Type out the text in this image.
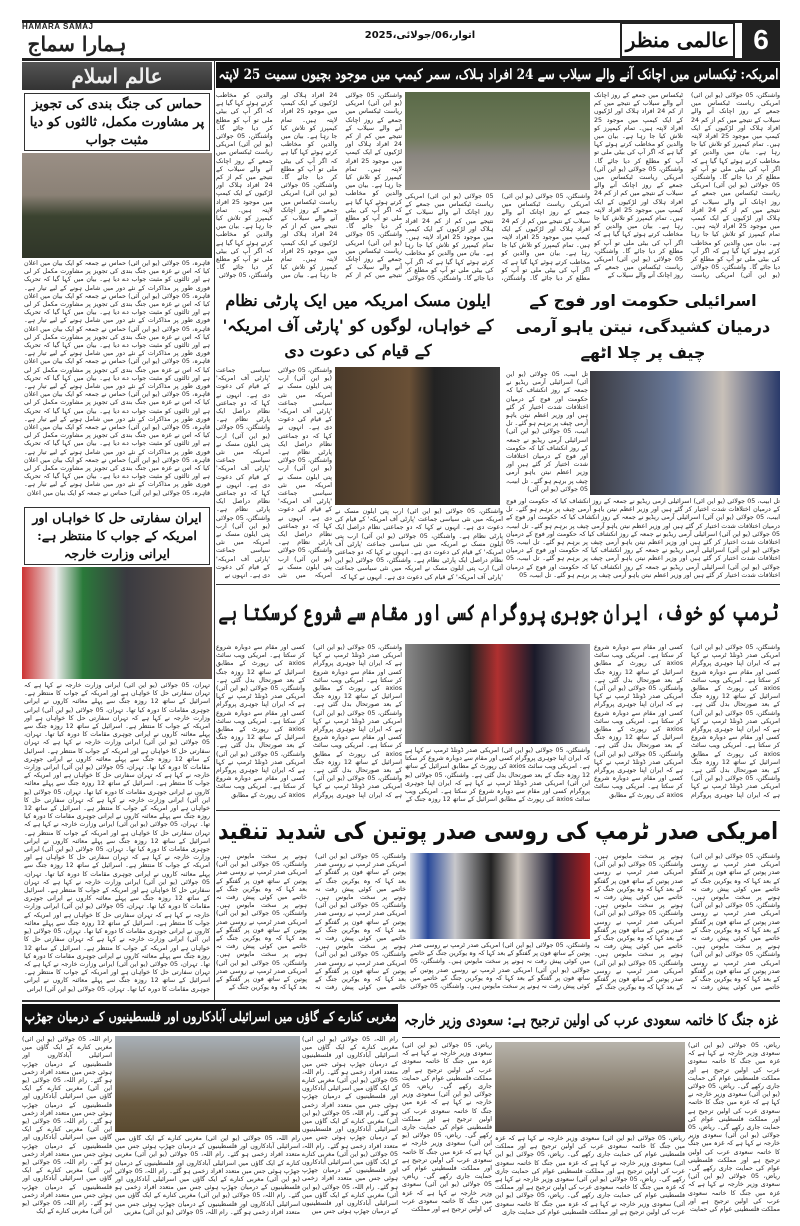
HAMARA SAMAJ
ہمارا سماج	اتوار،06/جولائی،2025	عالمی منظر 6
عالم اسلام
حماس کی جنگ بندی کی تجویز پر مشاورت مکمل، ثالثوں کو دیا مثبت جواب
قاہرہ، 05 جولائی (یو این آئی) حماس نے جمعہ کو ایک بیان میں اعلان کیا کہ اس نے غزہ میں جنگ بندی کی تجویز پر مشاورت مکمل کر لی ہے اور ثالثوں کو مثبت جواب دے دیا ہے۔ بیان میں کہا گیا کہ تحریک فوری طور پر مذاکرات کے نئے دور میں شامل ہونے کے لیے تیار ہے۔ قاہرہ، 05 جولائی (یو این آئی) حماس نے جمعہ کو ایک بیان میں اعلان کیا کہ اس نے غزہ میں جنگ بندی کی تجویز پر مشاورت مکمل کر لی ہے اور ثالثوں کو مثبت جواب دے دیا ہے۔ بیان میں کہا گیا کہ تحریک فوری طور پر مذاکرات کے نئے دور میں شامل ہونے کے لیے تیار ہے۔ قاہرہ، 05 جولائی (یو این آئی) حماس نے جمعہ کو ایک بیان میں اعلان کیا کہ اس نے غزہ میں جنگ بندی کی تجویز پر مشاورت مکمل کر لی ہے اور ثالثوں کو مثبت جواب دے دیا ہے۔ بیان میں کہا گیا کہ تحریک فوری طور پر مذاکرات کے نئے دور میں شامل ہونے کے لیے تیار ہے۔ قاہرہ، 05 جولائی (یو این آئی) حماس نے جمعہ کو ایک بیان میں اعلان کیا کہ اس نے غزہ میں جنگ بندی کی تجویز پر مشاورت مکمل کر لی ہے اور ثالثوں کو مثبت جواب دے دیا ہے۔ بیان میں کہا گیا کہ تحریک فوری طور پر مذاکرات کے نئے دور میں شامل ہونے کے لیے تیار ہے۔ قاہرہ، 05 جولائی (یو این آئی) حماس نے جمعہ کو ایک بیان میں اعلان کیا کہ اس نے غزہ میں جنگ بندی کی تجویز پر مشاورت مکمل کر لی ہے اور ثالثوں کو مثبت جواب دے دیا ہے۔ بیان میں کہا گیا کہ تحریک فوری طور پر مذاکرات کے نئے دور میں شامل ہونے کے لیے تیار ہے۔ قاہرہ، 05 جولائی (یو این آئی) حماس نے جمعہ کو ایک بیان میں اعلان کیا کہ اس نے غزہ میں جنگ بندی کی تجویز پر مشاورت مکمل کر لی ہے اور ثالثوں کو مثبت جواب دے دیا ہے۔ بیان میں کہا گیا کہ تحریک فوری طور پر مذاکرات کے نئے دور میں شامل ہونے کے لیے تیار ہے۔ قاہرہ، 05 جولائی (یو این آئی) حماس نے جمعہ کو ایک بیان میں اعلان کیا کہ اس نے غزہ میں جنگ بندی کی تجویز پر مشاورت مکمل کر لی ہے اور ثالثوں کو مثبت جواب دے دیا ہے۔ بیان میں کہا گیا کہ تحریک فوری طور پر مذاکرات کے نئے دور میں شامل ہونے کے لیے تیار ہے۔ قاہرہ، 05 جولائی (یو این آئی) حماس نے جمعہ کو ایک بیان میں اعلان
ایران سفارتی حل کا خواہاں اور امریکہ کے جواب کا منتظر ہے: ایرانی وزارت خارجہ
تہران، 05 جولائی (یو این آئی) ایرانی وزارت خارجہ نے کہا ہے کہ تہران سفارتی حل کا خواہاں ہے اور امریکہ کے جواب کا منتظر ہے۔ اسرائیل کے ساتھ 12 روزہ جنگ سے پہلے معائنہ کاروں نے ایرانی جوہری مقامات کا دورہ کیا تھا۔ تہران، 05 جولائی (یو این آئی) ایرانی وزارت خارجہ نے کہا ہے کہ تہران سفارتی حل کا خواہاں ہے اور امریکہ کے جواب کا منتظر ہے۔ اسرائیل کے ساتھ 12 روزہ جنگ سے پہلے معائنہ کاروں نے ایرانی جوہری مقامات کا دورہ کیا تھا۔ تہران، 05 جولائی (یو این آئی) ایرانی وزارت خارجہ نے کہا ہے کہ تہران سفارتی حل کا خواہاں ہے اور امریکہ کے جواب کا منتظر ہے۔ اسرائیل کے ساتھ 12 روزہ جنگ سے پہلے معائنہ کاروں نے ایرانی جوہری مقامات کا دورہ کیا تھا۔ تہران، 05 جولائی (یو این آئی) ایرانی وزارت خارجہ نے کہا ہے کہ تہران سفارتی حل کا خواہاں ہے اور امریکہ کے جواب کا منتظر ہے۔ اسرائیل کے ساتھ 12 روزہ جنگ سے پہلے معائنہ کاروں نے ایرانی جوہری مقامات کا دورہ کیا تھا۔ تہران، 05 جولائی (یو این آئی) ایرانی وزارت خارجہ نے کہا ہے کہ تہران سفارتی حل کا خواہاں ہے اور امریکہ کے جواب کا منتظر ہے۔ اسرائیل کے ساتھ 12 روزہ جنگ سے پہلے معائنہ کاروں نے ایرانی جوہری مقامات کا دورہ کیا تھا۔ تہران، 05 جولائی (یو این آئی) ایرانی وزارت خارجہ نے کہا ہے کہ تہران سفارتی حل کا خواہاں ہے اور امریکہ کے جواب کا منتظر ہے۔ اسرائیل کے ساتھ 12 روزہ جنگ سے پہلے معائنہ کاروں نے ایرانی جوہری مقامات کا دورہ کیا تھا۔ تہران، 05 جولائی (یو این آئی) ایرانی وزارت خارجہ نے کہا ہے کہ تہران سفارتی حل کا خواہاں ہے اور امریکہ کے جواب کا منتظر ہے۔ اسرائیل کے ساتھ 12 روزہ جنگ سے پہلے معائنہ کاروں نے ایرانی جوہری مقامات کا دورہ کیا تھا۔ تہران، 05 جولائی (یو این آئی) ایرانی وزارت خارجہ نے کہا ہے کہ تہران سفارتی حل کا خواہاں ہے اور امریکہ کے جواب کا منتظر ہے۔ اسرائیل کے ساتھ 12 روزہ جنگ سے پہلے معائنہ کاروں نے ایرانی جوہری مقامات کا دورہ کیا تھا۔ تہران، 05 جولائی (یو این آئی) ایرانی وزارت خارجہ نے کہا ہے کہ تہران سفارتی حل کا خواہاں ہے اور امریکہ کے جواب کا منتظر ہے۔ اسرائیل کے ساتھ 12 روزہ جنگ سے پہلے معائنہ کاروں نے ایرانی جوہری مقامات کا دورہ کیا تھا۔ تہران، 05 جولائی (یو این آئی) ایرانی وزارت خارجہ نے کہا ہے کہ تہران سفارتی حل کا خواہاں ہے اور امریکہ کے جواب کا منتظر ہے۔ اسرائیل کے ساتھ 12 روزہ جنگ سے پہلے معائنہ کاروں نے ایرانی جوہری مقامات کا دورہ کیا تھا۔ تہران، 05 جولائی (یو این آئی) ایرانی وزارت خارجہ نے کہا ہے کہ تہران سفارتی حل کا خواہاں ہے اور امریکہ کے جواب کا منتظر ہے۔ اسرائیل کے ساتھ 12 روزہ جنگ سے پہلے معائنہ کاروں نے ایرانی جوہری مقامات کا دورہ کیا تھا۔ تہران، 05 جولائی (یو این آئی) ایرانی
امریکہ: ٹیکساس میں اچانک آنے والے سیلاب سے 24 افراد ہلاک، سمر کیمپ میں موجود بچیوں سمیت 25 لاپتہ
واشنگٹن، 05 جولائی (یو این آئی) امریکی ریاست ٹیکساس میں جمعے کے روز اچانک آنے والے سیلاب کے نتیجے میں کم از کم 24 افراد ہلاک اور لڑکیوں کے ایک کیمپ میں موجود 25 افراد لاپتہ ہیں۔ تمام کیمپرز کو تلاش کیا جا رہا ہے۔ بیان میں والدین کو مخاطب کرتے ہوئے کہا گیا ہے کہ اگر آپ کی بیٹی ملی تو آپ کو مطلع کر دیا جائے گا۔ واشنگٹن، 05 جولائی (یو این آئی) امریکی ریاست ٹیکساس میں جمعے کے روز اچانک آنے والے سیلاب کے نتیجے میں کم از کم 24 افراد ہلاک اور لڑکیوں کے ایک کیمپ میں موجود 25 افراد لاپتہ ہیں۔ تمام کیمپرز کو تلاش کیا جا رہا ہے۔ بیان میں والدین کو مخاطب کرتے ہوئے کہا گیا ہے کہ اگر آپ کی بیٹی ملی تو آپ کو مطلع کر دیا جائے گا۔ واشنگٹن، 05 جولائی (یو این آئی) امریکی ریاست ٹیکساس میں جمعے کے روز اچانک آنے والے سیلاب کے نتیجے میں کم از کم 24 افراد ہلاک اور لڑکیوں کے ایک کیمپ میں موجود 25 افراد لاپتہ ہیں۔ تمام کیمپرز کو تلاش کیا جا رہا ہے۔ بیان میں والدین کو مخاطب کرتے ہوئے کہا گیا ہے کہ اگر آپ کی بیٹی ملی تو آپ کو مطلع کر دیا جائے گا۔ واشنگٹن، 05 جولائی (یو این آئی) امریکی ریاست ٹیکساس میں جمعے کے روز اچانک آنے والے سیلاب کے نتیجے میں کم از کم 24 افراد ہلاک اور لڑکیوں کے ایک کیمپ میں موجود 25 افراد لاپتہ ہیں۔ تمام کیمپرز کو تلاش کیا جا رہا ہے۔ بیان میں والدین کو مخاطب کرتے ہوئے کہا گیا ہے کہ اگر آپ کی بیٹی ملی تو آپ کو مطلع کر دیا جائے گا۔ واشنگٹن، 05 جولائی (یو این آئی) امریکی ریاست ٹیکساس میں جمعے کے روز اچانک آنے والے سیلاب کے
واشنگٹن، 05 جولائی (یو این آئی) امریکی ریاست ٹیکساس میں جمعے کے روز اچانک آنے والے سیلاب کے نتیجے میں کم از کم 24 افراد ہلاک اور لڑکیوں کے ایک کیمپ میں موجود 25 افراد لاپتہ ہیں۔ تمام کیمپرز کو تلاش کیا جا رہا ہے۔ بیان میں والدین کو مخاطب کرتے ہوئے کہا گیا ہے کہ اگر آپ کی بیٹی ملی تو آپ کو مطلع کر دیا جائے گا۔ واشنگٹن، 05 جولائی (یو این آئی) امریکی ریاست ٹیکساس میں جمعے کے روز اچانک آنے والے سیلاب کے نتیجے میں کم از کم 24 افراد ہلاک اور لڑکیوں کے ایک کیمپ میں موجود 25 افراد لاپتہ ہیں۔ تمام کیمپرز کو تلاش کیا جا رہا ہے۔ بیان میں والدین کو مخاطب کرتے ہوئے کہا گیا ہے کہ اگر آپ کی بیٹی ملی تو آپ کو مطلع کر دیا جائے گا۔ واشنگٹن، 05 جولائی (یو این آئی) امریکی ریاست ٹیکساس میں جمعے کے روز اچانک آنے والے سیلاب کے نتیجے میں کم از کم 24 افراد ہلاک اور لڑکیوں کے ایک کیمپ میں موجود 25 افراد لاپتہ ہیں۔ تمام کیمپرز کو تلاش کیا جا رہا ہے۔ بیان میں والدین کو مخاطب کرتے ہوئے کہا گیا ہے کہ اگر آپ کی بیٹی ملی تو آپ کو مطلع کر دیا جائے گا۔ واشنگٹن، 05 جولائی (یو این آئی) امریکی ریاست ٹیکساس میں جمعے کے روز اچانک آنے والے سیلاب کے نتیجے میں کم از کم 24 افراد ہلاک اور لڑکیوں کے ایک کیمپ میں موجود 25 افراد لاپتہ ہیں۔ تمام کیمپرز کو تلاش کیا جا رہا ہے۔ بیان میں والدین کو مخاطب کرتے ہوئے کہا گیا ہے کہ اگر آپ کی بیٹی ملی تو آپ کو مطلع کر دیا جائے گا۔ واشنگٹن، 05 جولائی
واشنگٹن، 05 جولائی (یو این آئی) امریکی ریاست ٹیکساس میں جمعے کے روز اچانک آنے والے سیلاب کے نتیجے میں کم از کم 24 افراد ہلاک اور لڑکیوں کے ایک کیمپ میں موجود 25 افراد لاپتہ ہیں۔ تمام کیمپرز کو تلاش کیا جا رہا ہے۔ بیان میں والدین کو مخاطب کرتے ہوئے کہا گیا ہے کہ اگر آپ کی بیٹی ملی تو آپ کو مطلع کر دیا جائے گا۔ واشنگٹن، 05 جولائی (یو این آئی) امریکی ریاست ٹیکساس میں جمعے کے روز اچانک آنے والے سیلاب کے نتیجے میں کم از کم 24 افراد ہلاک اور لڑکیوں کے ایک کیمپ میں موجود 25 افراد لاپتہ ہیں۔ تمام کیمپرز کو تلاش کیا جا رہا ہے۔ بیان میں والدین کو مخاطب کرتے ہوئے کہا گیا ہے کہ اگر آپ کی بیٹی ملی تو آپ کو مطلع کر دیا جائے گا۔ واشنگٹن، 05 جولائی
ایلون مسک امریکہ میں ایک پارٹی نظام کے خواہاں، لوگوں کو 'پارٹی آف امریکہ' کے قیام کی دعوت دی
واشنگٹن، 05 جولائی (یو این آئی) ارب پتی ایلون مسک نے امریکہ میں نئی سیاسی جماعت 'پارٹی آف امریکہ' کے قیام کی دعوت دی ہے۔ انہوں نے کہا کہ دو جماعتی نظام دراصل ایک پارٹی نظام ہے۔ واشنگٹن، 05 جولائی (یو این آئی) ارب پتی ایلون مسک نے امریکہ میں نئی سیاسی جماعت 'پارٹی آف امریکہ' کے قیام کی دعوت دی ہے۔ انہوں نے کہا کہ دو جماعتی نظام دراصل ایک پارٹی نظام ہے۔ واشنگٹن، 05 جولائی (یو این آئی) ارب پتی ایلون مسک نے امریکہ میں نئی سیاسی جماعت 'پارٹی آف امریکہ' کے قیام کی دعوت دی ہے۔ انہوں نے کہا کہ دو جماعتی نظام دراصل ایک پارٹی نظام ہے۔ واشنگٹن، 05 جولائی (یو این آئی) ارب پتی ایلون مسک نے امریکہ میں نئی سیاسی جماعت 'پارٹی آف امریکہ' کے قیام کی دعوت دی ہے۔ انہوں نے کہا کہ دو جماعتی نظام دراصل ایک پارٹی نظام ہے۔ واشنگٹن، 05 جولائی (یو این آئی) ارب پتی ایلون مسک نے امریکہ میں نئی سیاسی جماعت 'پارٹی آف امریکہ' کے قیام کی دعوت دی ہے۔ انہوں نے
واشنگٹن، 05 جولائی (یو این آئی) ارب پتی ایلون مسک نے امریکہ میں نئی سیاسی جماعت 'پارٹی آف امریکہ' کے قیام کی دعوت دی ہے۔ انہوں نے کہا کہ دو جماعتی نظام دراصل ایک پارٹی نظام ہے۔ واشنگٹن، 05 جولائی (یو این آئی) ارب پتی ایلون مسک نے امریکہ میں نئی سیاسی جماعت 'پارٹی آف امریکہ' کے قیام کی دعوت دی ہے۔ انہوں نے کہا کہ دو جماعتی نظام دراصل ایک پارٹی نظام ہے۔ واشنگٹن، 05 جولائی (یو این آئی) ارب پتی ایلون مسک نے امریکہ میں نئی سیاسی جماعت 'پارٹی آف امریکہ' کے قیام کی دعوت دی ہے۔ انہوں نے کہا کہ
اسرائیلی حکومت اور فوج کے درمیان کشیدگی، نیتن یاہو آرمی چیف پر چلا اٹھے
تل ابیب، 05 جولائی (یو این آئی) اسرائیلی آرمی ریڈیو نے جمعہ کے روز انکشاف کیا کہ حکومت اور فوج کے درمیان اختلافات شدت اختیار کر گئے ہیں اور وزیر اعظم نیتن یاہو آرمی چیف پر برہم ہو گئے۔ تل ابیب، 05 جولائی (یو این آئی) اسرائیلی آرمی ریڈیو نے جمعہ کے روز انکشاف کیا کہ حکومت اور فوج کے درمیان اختلافات شدت اختیار کر گئے ہیں اور وزیر اعظم نیتن یاہو آرمی چیف پر برہم ہو گئے۔ تل ابیب، 05 جولائی (یو این آئی)
تل ابیب، 05 جولائی (یو این آئی) اسرائیلی آرمی ریڈیو نے جمعہ کے روز انکشاف کیا کہ حکومت اور فوج کے درمیان اختلافات شدت اختیار کر گئے ہیں اور وزیر اعظم نیتن یاہو آرمی چیف پر برہم ہو گئے۔ تل ابیب، 05 جولائی (یو این آئی) اسرائیلی آرمی ریڈیو نے جمعہ کے روز انکشاف کیا کہ حکومت اور فوج کے درمیان اختلافات شدت اختیار کر گئے ہیں اور وزیر اعظم نیتن یاہو آرمی چیف پر برہم ہو گئے۔ تل ابیب، 05 جولائی (یو این آئی) اسرائیلی آرمی ریڈیو نے جمعہ کے روز انکشاف کیا کہ حکومت اور فوج کے درمیان اختلافات شدت اختیار کر گئے ہیں اور وزیر اعظم نیتن یاہو آرمی چیف پر برہم ہو گئے۔ تل ابیب، 05 جولائی (یو این آئی) اسرائیلی آرمی ریڈیو نے جمعہ کے روز انکشاف کیا کہ حکومت اور فوج کے درمیان اختلافات شدت اختیار کر گئے ہیں اور وزیر اعظم نیتن یاہو آرمی چیف پر برہم ہو گئے۔ تل ابیب، 05 جولائی (یو این آئی) اسرائیلی آرمی ریڈیو نے جمعہ کے روز انکشاف کیا کہ حکومت اور فوج کے درمیان اختلافات شدت اختیار کر گئے ہیں اور وزیر اعظم نیتن یاہو آرمی چیف پر برہم ہو گئے۔ تل ابیب، 05
ٹرمپ کو خوف، ایران جوہری پروگرام کسی اور مقام سے شروع کرسکتا ہے
واشنگٹن، 05 جولائی (یو این آئی) امریکی صدر ڈونلڈ ٹرمپ نے کہا ہے کہ ایران اپنا جوہری پروگرام کسی اور مقام سے دوبارہ شروع کر سکتا ہے۔ امریکی ویب سائٹ axios کی رپورٹ کے مطابق اسرائیل کے ساتھ 12 روزہ جنگ کے بعد صورتحال بدل گئی ہے۔ واشنگٹن، 05 جولائی (یو این آئی) امریکی صدر ڈونلڈ ٹرمپ نے کہا ہے کہ ایران اپنا جوہری پروگرام کسی اور مقام سے دوبارہ شروع کر سکتا ہے۔ امریکی ویب سائٹ axios کی رپورٹ کے مطابق اسرائیل کے ساتھ 12 روزہ جنگ کے بعد صورتحال بدل گئی ہے۔ واشنگٹن، 05 جولائی (یو این آئی) امریکی صدر ڈونلڈ ٹرمپ نے کہا ہے کہ ایران اپنا جوہری پروگرام کسی اور مقام سے دوبارہ شروع کر سکتا ہے۔ امریکی ویب سائٹ axios کی رپورٹ کے مطابق اسرائیل کے ساتھ 12 روزہ جنگ کے بعد صورتحال بدل گئی ہے۔ واشنگٹن، 05 جولائی (یو این آئی) امریکی صدر ڈونلڈ ٹرمپ نے کہا ہے کہ ایران اپنا جوہری پروگرام کسی اور مقام سے دوبارہ شروع کر سکتا ہے۔ امریکی ویب سائٹ axios کی رپورٹ کے مطابق اسرائیل کے ساتھ 12 روزہ جنگ کے بعد صورتحال بدل گئی ہے۔ واشنگٹن، 05 جولائی (یو این آئی) امریکی صدر ڈونلڈ ٹرمپ نے کہا ہے کہ ایران اپنا جوہری پروگرام کسی اور مقام سے دوبارہ شروع کر سکتا ہے۔ امریکی ویب سائٹ axios کی رپورٹ کے مطابق
واشنگٹن، 05 جولائی (یو این آئی) امریکی صدر ڈونلڈ ٹرمپ نے کہا ہے کہ ایران اپنا جوہری پروگرام کسی اور مقام سے دوبارہ شروع کر سکتا ہے۔ امریکی ویب سائٹ axios کی رپورٹ کے مطابق اسرائیل کے ساتھ 12 روزہ جنگ کے بعد صورتحال بدل گئی ہے۔ واشنگٹن، 05 جولائی (یو این آئی) امریکی صدر ڈونلڈ ٹرمپ نے کہا ہے کہ ایران اپنا جوہری پروگرام کسی اور مقام سے دوبارہ شروع کر سکتا ہے۔ امریکی ویب سائٹ axios کی رپورٹ کے مطابق اسرائیل کے ساتھ 12 روزہ جنگ کے
واشنگٹن، 05 جولائی (یو این آئی) امریکی صدر ڈونلڈ ٹرمپ نے کہا ہے کہ ایران اپنا جوہری پروگرام کسی اور مقام سے دوبارہ شروع کر سکتا ہے۔ امریکی ویب سائٹ axios کی رپورٹ کے مطابق اسرائیل کے ساتھ 12 روزہ جنگ کے بعد صورتحال بدل گئی ہے۔ واشنگٹن، 05 جولائی (یو این آئی) امریکی صدر ڈونلڈ ٹرمپ نے کہا ہے کہ ایران اپنا جوہری پروگرام کسی اور مقام سے دوبارہ شروع کر سکتا ہے۔ امریکی ویب سائٹ axios کی رپورٹ کے مطابق اسرائیل کے ساتھ 12 روزہ جنگ کے بعد صورتحال بدل گئی ہے۔ واشنگٹن، 05 جولائی (یو این آئی) امریکی صدر ڈونلڈ ٹرمپ نے کہا ہے کہ ایران اپنا جوہری پروگرام کسی اور مقام سے دوبارہ شروع کر سکتا ہے۔ امریکی ویب سائٹ axios کی رپورٹ کے مطابق اسرائیل کے ساتھ 12 روزہ جنگ کے بعد صورتحال بدل گئی ہے۔ واشنگٹن، 05 جولائی (یو این آئی) امریکی صدر ڈونلڈ ٹرمپ نے کہا ہے کہ ایران اپنا جوہری پروگرام کسی اور مقام سے دوبارہ شروع کر سکتا ہے۔ امریکی ویب سائٹ axios کی رپورٹ کے مطابق اسرائیل کے ساتھ 12 روزہ جنگ کے بعد صورتحال بدل گئی ہے۔ واشنگٹن، 05 جولائی (یو این آئی) امریکی صدر ڈونلڈ ٹرمپ نے کہا ہے کہ ایران اپنا جوہری پروگرام کسی اور مقام سے دوبارہ شروع کر سکتا ہے۔ امریکی ویب سائٹ axios کی رپورٹ کے مطابق
امریکی صدر ٹرمپ کی روسی صدر پوتین کی شدید تنقید
واشنگٹن، 05 جولائی (یو این آئی) امریکی صدر ٹرمپ نے روسی صدر پوتین کے ساتھ فون پر گفتگو کے بعد کہا کہ وہ یوکرین جنگ کے خاتمے میں کوئی پیش رفت نہ ہونے پر سخت مایوس ہیں۔ واشنگٹن، 05 جولائی (یو این آئی) امریکی صدر ٹرمپ نے روسی صدر پوتین کے ساتھ فون پر گفتگو کے بعد کہا کہ وہ یوکرین جنگ کے خاتمے میں کوئی پیش رفت نہ ہونے پر سخت مایوس ہیں۔ واشنگٹن، 05 جولائی (یو این آئی) امریکی صدر ٹرمپ نے روسی صدر پوتین کے ساتھ فون پر گفتگو کے بعد کہا کہ وہ یوکرین جنگ کے خاتمے میں کوئی پیش رفت نہ ہونے پر سخت مایوس ہیں۔ واشنگٹن، 05 جولائی (یو این آئی) امریکی صدر ٹرمپ نے روسی صدر پوتین کے ساتھ فون پر گفتگو کے بعد کہا کہ وہ یوکرین جنگ کے خاتمے میں کوئی پیش رفت نہ ہونے پر سخت مایوس ہیں۔ واشنگٹن، 05 جولائی (یو این آئی) امریکی صدر ٹرمپ نے روسی صدر پوتین کے ساتھ فون پر گفتگو کے بعد کہا کہ وہ یوکرین جنگ کے خاتمے میں کوئی پیش رفت نہ ہونے پر سخت مایوس ہیں۔ واشنگٹن، 05 جولائی (یو این آئی) امریکی صدر ٹرمپ نے روسی صدر پوتین کے ساتھ فون پر گفتگو کے بعد کہا کہ وہ یوکرین جنگ کے
واشنگٹن، 05 جولائی (یو این آئی) امریکی صدر ٹرمپ نے روسی صدر پوتین کے ساتھ فون پر گفتگو کے بعد کہا کہ وہ یوکرین جنگ کے خاتمے میں کوئی پیش رفت نہ ہونے پر سخت مایوس ہیں۔ واشنگٹن، 05 جولائی (یو این آئی) امریکی صدر ٹرمپ نے روسی صدر پوتین کے ساتھ فون پر گفتگو کے بعد کہا کہ وہ یوکرین جنگ کے خاتمے میں کوئی پیش رفت نہ ہونے پر سخت مایوس ہیں۔ واشنگٹن، 05 جولائی
واشنگٹن، 05 جولائی (یو این آئی) امریکی صدر ٹرمپ نے روسی صدر پوتین کے ساتھ فون پر گفتگو کے بعد کہا کہ وہ یوکرین جنگ کے خاتمے میں کوئی پیش رفت نہ ہونے پر سخت مایوس ہیں۔ واشنگٹن، 05 جولائی (یو این آئی) امریکی صدر ٹرمپ نے روسی صدر پوتین کے ساتھ فون پر گفتگو کے بعد کہا کہ وہ یوکرین جنگ کے خاتمے میں کوئی پیش رفت نہ ہونے پر سخت مایوس ہیں۔ واشنگٹن، 05 جولائی (یو این آئی) امریکی صدر ٹرمپ نے روسی صدر پوتین کے ساتھ فون پر گفتگو کے بعد کہا کہ وہ یوکرین جنگ کے خاتمے میں کوئی پیش رفت نہ ہونے پر سخت مایوس ہیں۔ واشنگٹن، 05 جولائی (یو این آئی) امریکی صدر ٹرمپ نے روسی صدر پوتین کے ساتھ فون پر گفتگو کے بعد کہا کہ وہ یوکرین جنگ کے خاتمے میں کوئی پیش رفت نہ ہونے پر سخت مایوس ہیں۔ واشنگٹن، 05 جولائی (یو این آئی) امریکی صدر ٹرمپ نے روسی صدر پوتین کے ساتھ فون پر گفتگو کے بعد کہا کہ وہ یوکرین جنگ کے خاتمے میں کوئی پیش رفت نہ ہونے پر سخت مایوس ہیں۔ واشنگٹن، 05 جولائی (یو این آئی) امریکی صدر ٹرمپ نے روسی صدر پوتین کے ساتھ فون پر گفتگو کے بعد کہا کہ وہ یوکرین جنگ کے
مغربی کنارے کے گاؤں میں اسرائیلی آبادکاروں اور فلسطینیوں کے درمیان جھڑپ غزہ جنگ کا خاتمہ سعودی عرب کی اولین ترجیح ہے: سعودی وزیر خارجہ
رام اللہ، 05 جولائی (یو این آئی) مغربی کنارے کے ایک گاؤں میں اسرائیلی آبادکاروں اور فلسطینیوں کے درمیان جھڑپ ہوئی جس میں متعدد افراد زخمی ہو گئے۔ رام اللہ، 05 جولائی (یو این آئی) مغربی کنارے کے ایک گاؤں میں اسرائیلی آبادکاروں اور فلسطینیوں کے درمیان جھڑپ ہوئی جس میں متعدد افراد زخمی ہو گئے۔ رام اللہ، 05 جولائی (یو این آئی) مغربی کنارے کے ایک گاؤں میں اسرائیلی آبادکاروں اور فلسطینیوں کے درمیان جھڑپ ہوئی جس میں متعدد افراد زخمی ہو گئے۔ رام اللہ، 05 جولائی (یو این آئی) مغربی کنارے کے ایک گاؤں میں اسرائیلی آبادکاروں اور فلسطینیوں کے درمیان جھڑپ ہوئی جس میں متعدد افراد زخمی ہو گئے۔ رام اللہ، 05 جولائی (یو این آئی) مغربی کنارے کے ایک گاؤں میں اسرائیلی آبادکاروں اور فلسطینیوں کے درمیان جھڑپ ہوئی جس میں
رام اللہ، 05 جولائی (یو این آئی) مغربی کنارے کے ایک گاؤں میں اسرائیلی آبادکاروں اور فلسطینیوں کے درمیان جھڑپ ہوئی جس میں متعدد افراد زخمی ہو گئے۔ رام اللہ، 05 جولائی (یو این آئی) مغربی کنارے کے ایک گاؤں میں اسرائیلی آبادکاروں اور فلسطینیوں کے درمیان جھڑپ ہوئی جس میں متعدد افراد زخمی ہو گئے۔ رام اللہ، 05 جولائی (یو این آئی) مغربی کنارے کے ایک گاؤں میں اسرائیلی آبادکاروں اور فلسطینیوں کے درمیان جھڑپ ہوئی جس میں متعدد افراد زخمی ہو گئے۔ رام اللہ، 05 جولائی (یو این آئی) مغربی کنارے کے ایک گاؤں میں اسرائیلی آبادکاروں اور فلسطینیوں کے درمیان جھڑپ ہوئی جس میں متعدد افراد زخمی ہو گئے۔ رام اللہ، 05 جولائی (یو این آئی) مغربی
رام اللہ، 05 جولائی (یو این آئی) مغربی کنارے کے ایک گاؤں میں اسرائیلی آبادکاروں اور فلسطینیوں کے درمیان جھڑپ ہوئی جس میں متعدد افراد زخمی ہو گئے۔ رام اللہ، 05 جولائی (یو این آئی) مغربی کنارے کے ایک گاؤں میں اسرائیلی آبادکاروں اور فلسطینیوں کے درمیان جھڑپ ہوئی جس میں متعدد افراد زخمی ہو گئے۔ رام اللہ، 05 جولائی (یو این آئی) مغربی کنارے کے ایک گاؤں میں اسرائیلی آبادکاروں اور فلسطینیوں کے درمیان جھڑپ ہوئی جس میں متعدد افراد زخمی ہو گئے۔ رام اللہ، 05 جولائی (یو این آئی) مغربی کنارے کے ایک گاؤں میں اسرائیلی آبادکاروں اور فلسطینیوں کے درمیان جھڑپ ہوئی جس میں متعدد افراد زخمی ہو گئے۔ رام اللہ، 05 جولائی (یو این آئی) مغربی کنارے کے ایک
ریاض، 05 جولائی (یو این آئی) سعودی وزیر خارجہ نے کہا ہے کہ غزہ میں جنگ کا خاتمہ سعودی عرب کی اولین ترجیح ہے اور مملکت فلسطینی عوام کی حمایت جاری رکھے گی۔ ریاض، 05 جولائی (یو این آئی) سعودی وزیر خارجہ نے کہا ہے کہ غزہ میں جنگ کا خاتمہ سعودی عرب کی اولین ترجیح ہے اور مملکت فلسطینی عوام کی حمایت جاری رکھے گی۔ ریاض، 05 جولائی (یو این آئی) سعودی وزیر خارجہ نے کہا ہے کہ غزہ میں جنگ کا خاتمہ سعودی عرب کی اولین ترجیح ہے اور مملکت فلسطینی عوام کی حمایت جاری رکھے گی۔ ریاض، 05 جولائی (یو این آئی) سعودی وزیر خارجہ نے کہا ہے کہ غزہ میں جنگ کا خاتمہ سعودی عرب کی اولین ترجیح ہے اور مملکت فلسطینی عوام کی حمایت
ریاض، 05 جولائی (یو این آئی) سعودی وزیر خارجہ نے کہا ہے کہ غزہ میں جنگ کا خاتمہ سعودی عرب کی اولین ترجیح ہے اور مملکت فلسطینی عوام کی حمایت جاری رکھے گی۔ ریاض، 05 جولائی (یو این آئی) سعودی وزیر خارجہ نے کہا ہے کہ غزہ میں جنگ کا خاتمہ سعودی عرب کی اولین ترجیح ہے اور مملکت فلسطینی عوام کی حمایت جاری رکھے گی۔ ریاض، 05 جولائی (یو این آئی) سعودی وزیر خارجہ نے کہا ہے کہ غزہ میں جنگ کا خاتمہ سعودی عرب کی اولین ترجیح ہے اور مملکت فلسطینی عوام کی حمایت جاری رکھے گی۔ ریاض، 05 جولائی (یو این آئی) سعودی وزیر خارجہ نے کہا ہے کہ غزہ میں جنگ کا خاتمہ سعودی عرب کی اولین ترجیح ہے اور مملکت فلسطینی عوام کی حمایت جاری
ریاض، 05 جولائی (یو این آئی) سعودی وزیر خارجہ نے کہا ہے کہ غزہ میں جنگ کا خاتمہ سعودی عرب کی اولین ترجیح ہے اور مملکت فلسطینی عوام کی حمایت جاری رکھے گی۔ ریاض، 05 جولائی (یو این آئی) سعودی وزیر خارجہ نے کہا ہے کہ غزہ میں جنگ کا خاتمہ سعودی عرب کی اولین ترجیح ہے اور مملکت فلسطینی عوام کی حمایت جاری رکھے گی۔ ریاض، 05 جولائی (یو این آئی) سعودی وزیر خارجہ نے کہا ہے کہ غزہ میں جنگ کا خاتمہ سعودی عرب کی اولین ترجیح ہے اور مملکت فلسطینی عوام کی حمایت جاری رکھے گی۔ ریاض، 05 جولائی (یو این آئی) سعودی وزیر خارجہ نے کہا ہے کہ غزہ میں جنگ کا خاتمہ سعودی عرب کی اولین ترجیح ہے اور مملکت
